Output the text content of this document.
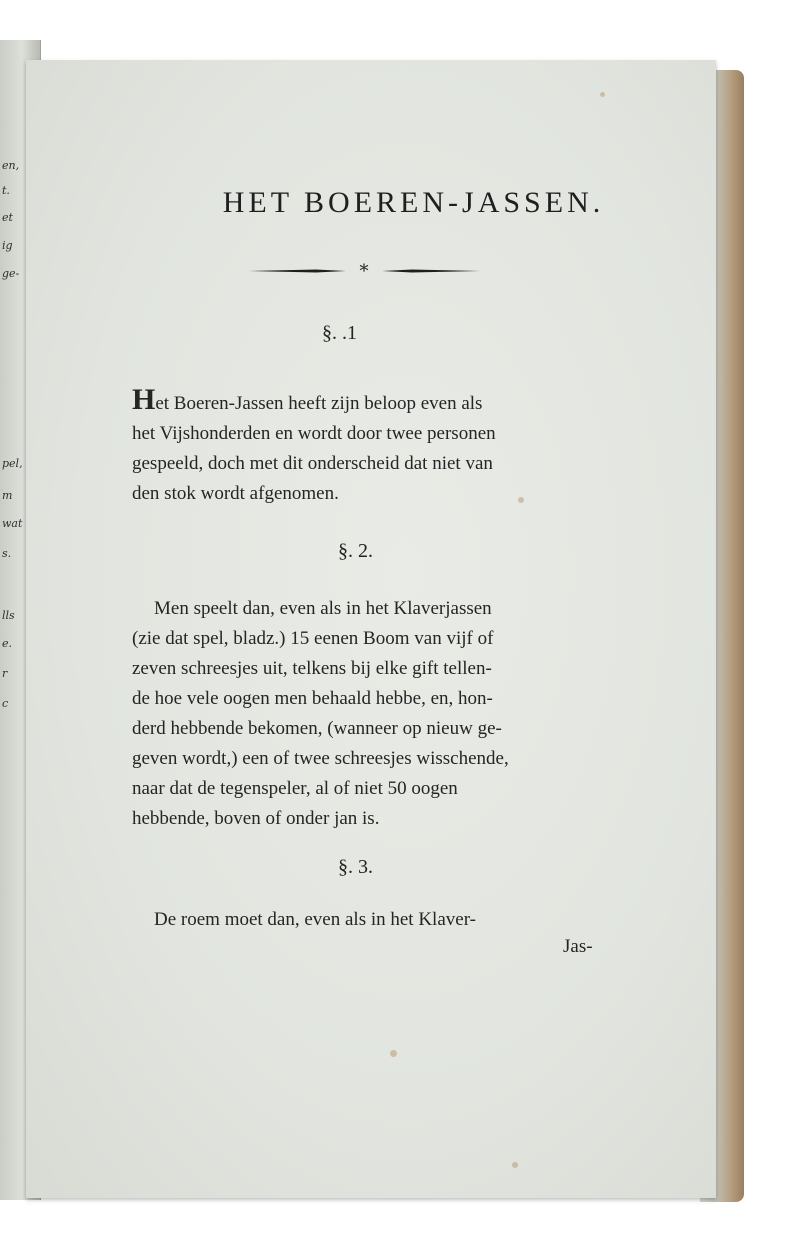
en,
t.
et
ig
ge-
pel,
m
wat
s.
lls
e.
r
c
HET BOEREN-JASSEN.
*
§. .1
Het Boeren-Jassen heeft zijn beloop even als
het Vijshonderden en wordt door twee personen
gespeeld, doch met dit onderscheid dat niet van
den stok wordt afgenomen.
§. 2.
Men speelt dan, even als in het Klaverjassen
(zie dat spel, bladz.) 15 eenen Boom van vijf of
zeven schreesjes uit, telkens bij elke gift tellen-
de hoe vele oogen men behaald hebbe, en, hon-
derd hebbende bekomen, (wanneer op nieuw ge-
geven wordt,) een of twee schreesjes wisschende,
naar dat de tegenspeler, al of niet 50 oogen
hebbende, boven of onder jan is.
§. 3.
De roem moet dan, even als in het Klaver-
Jas-
